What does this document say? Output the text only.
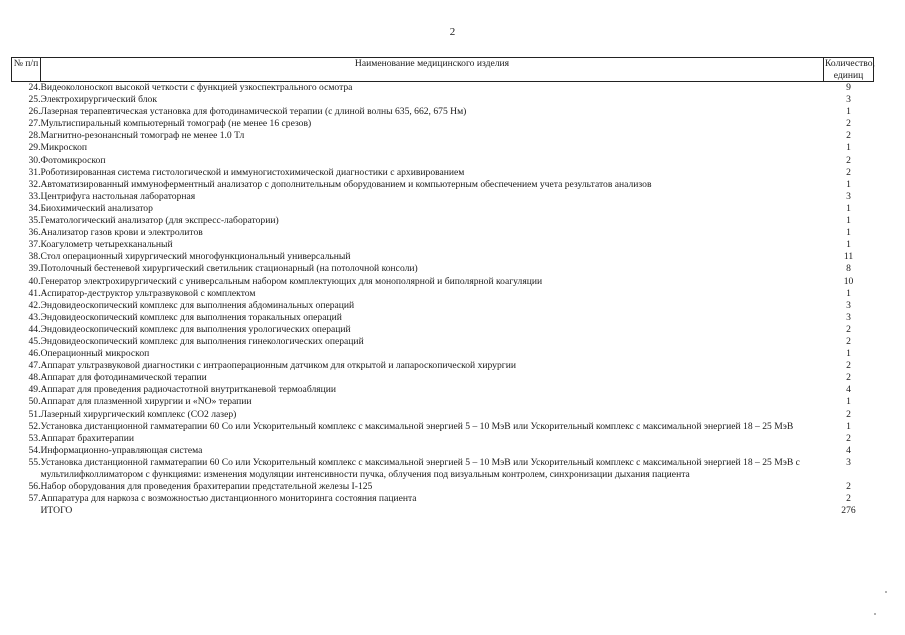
2
№ п/п	Наименование медицинского изделия	Количество, единиц
24.	Видеоколоноскоп высокой четкости с функцией узкоспектрального осмотра	9
25.	Электрохирургический блок	3
26.	Лазерная терапевтическая установка для фотодинамической терапии (с длиной волны 635, 662, 675 Нм)	1
27.	Мультиспиральный компьютерный томограф (не менее 16 срезов)	2
28.	Магнитно-резонансный томограф не менее 1.0 Тл	2
29.	Микроскоп	1
30.	Фотомикроскоп	2
31.	Роботизированная система гистологической и иммуногистохимической диагностики с архивированием	2
32.	Автоматизированный иммуноферментный анализатор с дополнительным оборудованием и компьютерным обеспечением учета результатов анализов	1
33.	Центрифуга настольная лабораторная	3
34.	Биохимический анализатор	1
35.	Гематологический анализатор (для экспресс-лаборатории)	1
36.	Анализатор газов крови и электролитов	1
37.	Коагулометр четырехканальный	1
38.	Стол операционный хирургический многофункциональный универсальный	11
39.	Потолочный бестеневой хирургический светильник стационарный (на потолочной консоли)	8
40.	Генератор электрохирургический с универсальным набором комплектующих для монополярной и биполярной коагуляции	10
41.	Аспиратор-деструктор ультразвуковой с комплектом	1
42.	Эндовидеоскопический комплекс для выполнения абдоминальных операций	3
43.	Эндовидеоскопический комплекс для выполнения торакальных операций	3
44.	Эндовидеоскопический комплекс для выполнения урологических операций	2
45.	Эндовидеоскопический комплекс для выполнения гинекологических операций	2
46.	Операционный микроскоп	1
47.	Аппарат ультразвуковой диагностики с интраоперационным датчиком для открытой и лапароскопической хирургии	2
48.	Аппарат для фотодинамической терапии	2
49.	Аппарат для проведения радиочастотной внутритканевой термоабляции	4
50.	Аппарат для плазменной хирургии и «NO» терапии	1
51.	Лазерный хирургический комплекс (СО2 лазер)	2
52.	Установка дистанционной гамматерапии 60 Со или Ускорительный комплекс с максимальной энергией 5 – 10 МэВ или Ускорительный комплекс с максимальной энергией 18 – 25 МэВ	1
53.	Аппарат брахитерапии	2
54.	Информационно-управляющая система	4
55.	Установка дистанционной гамматерапии 60 Со или Ускорительный комплекс с максимальной энергией 5 – 10 МэВ или Ускорительный комплекс с максимальной энергией 18 – 25 МэВ с мультилифколлиматором с функциями: изменения модуляции интенсивности пучка, облучения под визуальным контролем, синхронизации дыхания пациента	3
56.	Набор оборудования для проведения брахитерапии предстательной железы I-125	2
57.	Аппаратура для наркоза с возможностью дистанционного мониторинга состояния пациента	2
	ИТОГО	276
